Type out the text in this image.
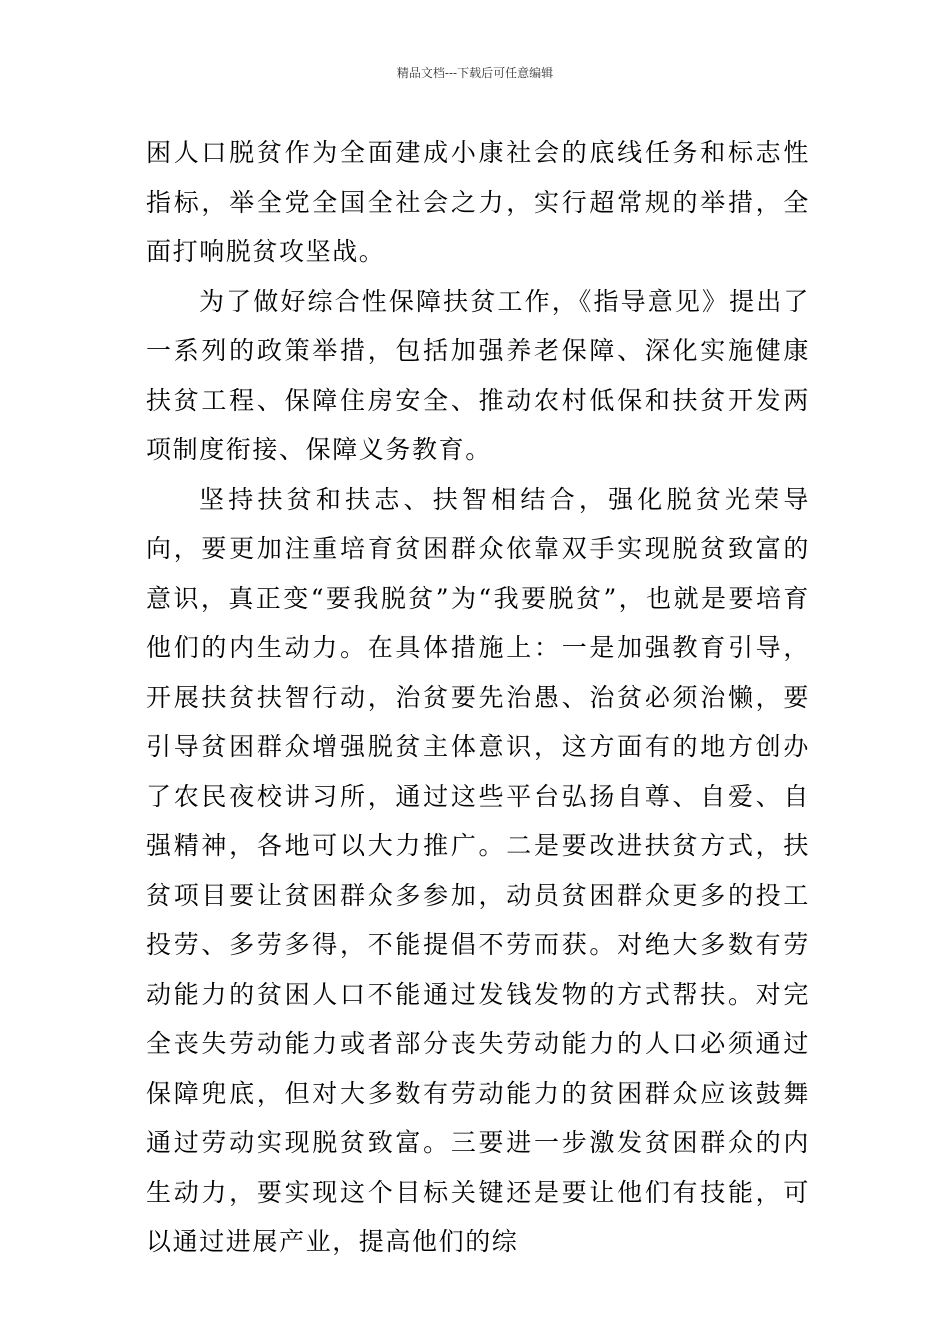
精品文档---下载后可任意编辑

困人口脱贫作为全面建成小康社会的底线任务和标志性指标，举全党全国全社会之力，实行超常规的举措，全面打响脱贫攻坚战。

为了做好综合性保障扶贫工作，《指导意见》提出了一系列的政策举措，包括加强养老保障、深化实施健康扶贫工程、保障住房安全、推动农村低保和扶贫开发两项制度衔接、保障义务教育。

坚持扶贫和扶志、扶智相结合，强化脱贫光荣导向，要更加注重培育贫困群众依靠双手实现脱贫致富的意识，真正变“要我脱贫”为“我要脱贫”，也就是要培育他们的内生动力。在具体措施上：一是加强教育引导，开展扶贫扶智行动，治贫要先治愚、治贫必须治懒，要引导贫困群众增强脱贫主体意识，这方面有的地方创办了农民夜校讲习所，通过这些平台弘扬自尊、自爱、自强精神，各地可以大力推广。二是要改进扶贫方式，扶贫项目要让贫困群众多参加，动员贫困群众更多的投工投劳、多劳多得，不能提倡不劳而获。对绝大多数有劳动能力的贫困人口不能通过发钱发物的方式帮扶。对完全丧失劳动能力或者部分丧失劳动能力的人口必须通过保障兜底，但对大多数有劳动能力的贫困群众应该鼓舞通过劳动实现脱贫致富。三要进一步激发贫困群众的内生动力，要实现这个目标关键还是要让他们有技能，可以通过进展产业，提高他们的综
